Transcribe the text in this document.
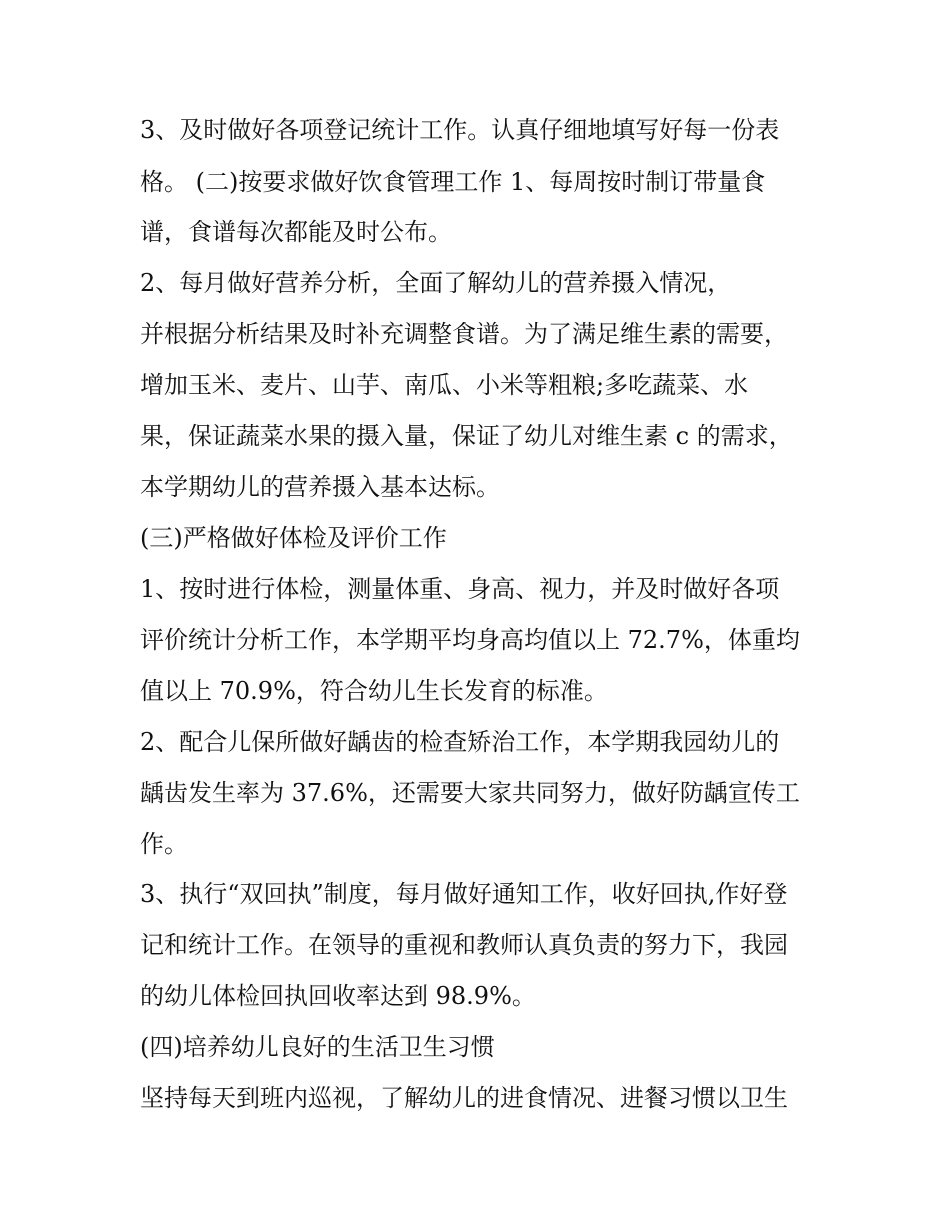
3、及时做好各项登记统计工作。认真仔细地填写好每一份表
格。 (二)按要求做好饮食管理工作 1、每周按时制订带量食
谱，食谱每次都能及时公布。
2、每月做好营养分析，全面了解幼儿的营养摄入情况，
并根据分析结果及时补充调整食谱。为了满足维生素的需要，
增加玉米、麦片、山芋、南瓜、小米等粗粮;多吃蔬菜、水
果，保证蔬菜水果的摄入量，保证了幼儿对维生素 c 的需求，
本学期幼儿的营养摄入基本达标。
(三)严格做好体检及评价工作
1、按时进行体检，测量体重、身高、视力，并及时做好各项
评价统计分析工作，本学期平均身高均值以上 72.7%，体重均
值以上 70.9%，符合幼儿生长发育的标准。
2、配合儿保所做好龋齿的检查矫治工作，本学期我园幼儿的
龋齿发生率为 37.6%，还需要大家共同努力，做好防龋宣传工
作。
3、执行“双回执”制度，每月做好通知工作，收好回执,作好登
记和统计工作。在领导的重视和教师认真负责的努力下，我园
的幼儿体检回执回收率达到 98.9%。
(四)培养幼儿良好的生活卫生习惯
坚持每天到班内巡视，了解幼儿的进食情况、进餐习惯以卫生
